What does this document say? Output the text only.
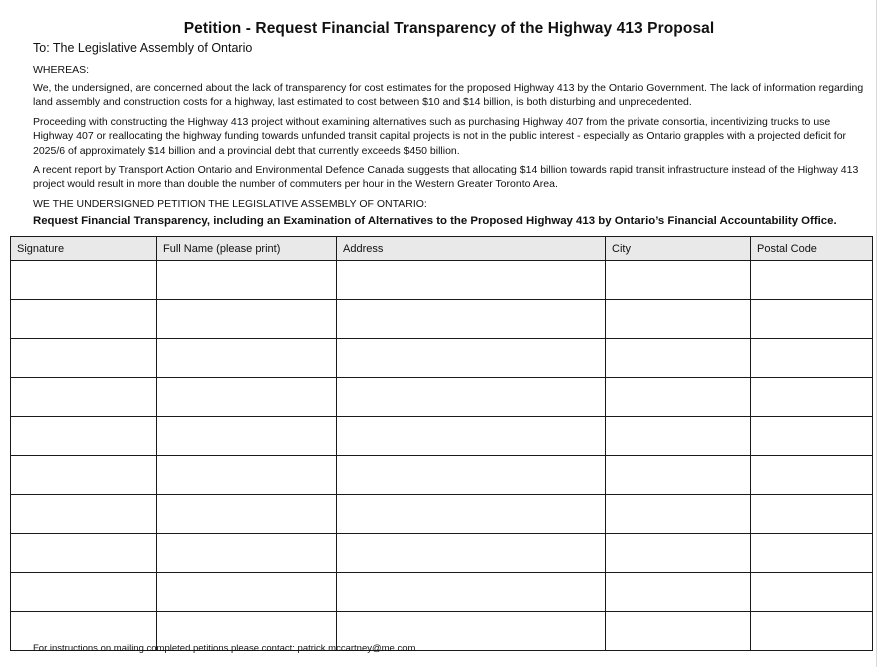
Petition - Request Financial Transparency of the Highway 413 Proposal
To: The Legislative Assembly of Ontario
WHEREAS:
We, the undersigned, are concerned about the lack of transparency for cost estimates for the proposed Highway 413 by the Ontario Government. The lack of information regarding land assembly and construction costs for a highway, last estimated to cost between $10 and $14 billion, is both disturbing and unprecedented.
Proceeding with constructing the Highway 413 project without examining alternatives such as purchasing Highway 407 from the private consortia, incentivizing trucks to use Highway 407 or reallocating the highway funding towards unfunded transit capital projects is not in the public interest - especially as Ontario grapples with a projected deficit for 2025/6 of approximately $14 billion and a provincial debt that currently exceeds $450 billion.
A recent report by Transport Action Ontario and Environmental Defence Canada suggests that allocating $14 billion towards rapid transit infrastructure instead of the Highway 413 project would result in more than double the number of commuters per hour in the Western Greater Toronto Area.
WE THE UNDERSIGNED PETITION THE LEGISLATIVE ASSEMBLY OF ONTARIO:
Request Financial Transparency, including an Examination of Alternatives to the Proposed Highway 413 by Ontario’s Financial Accountability Office.
Signature	Full Name (please print)	Address	City	Postal Code

For instructions on mailing completed petitions please contact: patrick.mccartney@me.com
